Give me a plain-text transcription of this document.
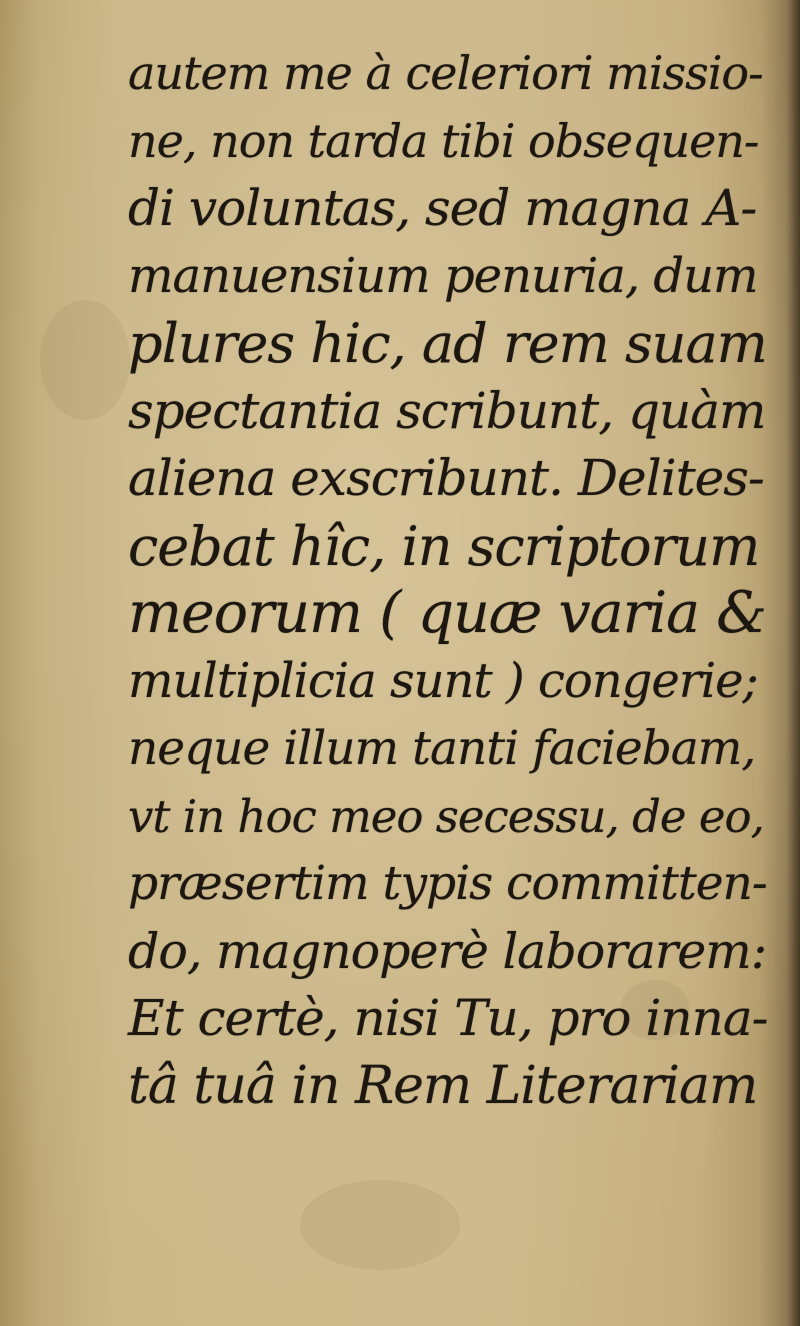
autem me à celeriori missio-
ne, non tarda tibi obsequen-
di voluntas, sed magna A-
manuensium penuria, dum
plures hic, ad rem suam
spectantia scribunt, quàm
aliena exscribunt. Delites-
cebat hîc, in scriptorum
meorum ( quæ varia &
multiplicia sunt ) congerie;
neque illum tanti faciebam,
vt in hoc meo secessu, de eo,
præsertim typis committen-
do, magnoperè laborarem:
Et certè, nisi Tu, pro inna-
tâ tuâ in Rem Literariam
